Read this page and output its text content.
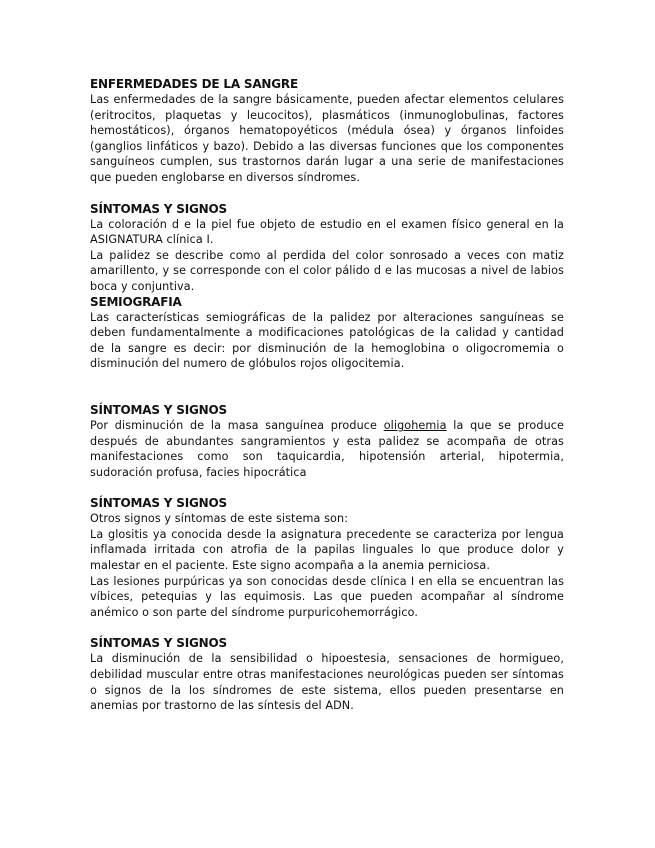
ENFERMEDADES DE LA SANGRE

Las enfermedades de la sangre básicamente, pueden afectar elementos celulares (eritrocitos, plaquetas y leucocitos), plasmáticos (inmunoglobulinas, factores hemostáticos), órganos hematopoyéticos (médula ósea) y órganos linfoides (ganglios linfáticos y bazo). Debido a las diversas funciones que los componentes sanguíneos cumplen, sus trastornos darán lugar a una serie de manifestaciones que pueden englobarse en diversos síndromes.

SÍNTOMAS Y SIGNOS

La coloración d e la piel fue objeto de estudio en el examen físico general en la ASIGNATURA clínica I.

La palidez se describe como al perdida del color sonrosado a veces con matiz amarillento, y se corresponde con el color pálido d e las mucosas a nivel de labios boca y conjuntiva.

SEMIOGRAFIA

Las características semiográficas de la palidez por alteraciones sanguíneas se deben fundamentalmente a modificaciones patológicas de la calidad y cantidad de la sangre es decir: por disminución de la hemoglobina o oligocromemia o disminución del numero de glóbulos rojos oligocitemia.

SÍNTOMAS Y SIGNOS

Por disminución de la masa sanguínea produce oligohemia la que se produce después de abundantes sangramientos y esta palidez se acompaña de otras manifestaciones como son taquicardia, hipotensión arterial, hipotermia, sudoración profusa, facies hipocrática

SÍNTOMAS Y SIGNOS

Otros signos y síntomas de este sistema son:

La glositis ya conocida desde la asignatura precedente se caracteriza por lengua inflamada irritada con atrofia de la papilas linguales lo que produce dolor y malestar en el paciente. Este signo acompaña a la anemia perniciosa.

Las lesiones purpúricas ya son conocidas desde clínica I en ella se encuentran las víbices, petequias y las equimosis. Las que pueden acompañar al síndrome anémico o son parte del síndrome purpuricohemorrágico.

SÍNTOMAS Y SIGNOS

La disminución de la sensibilidad o hipoestesia, sensaciones de hormigueo, debilidad muscular entre otras manifestaciones neurológicas pueden ser síntomas o signos de la los síndromes de este sistema, ellos pueden presentarse en anemias por trastorno de las síntesis del ADN.
